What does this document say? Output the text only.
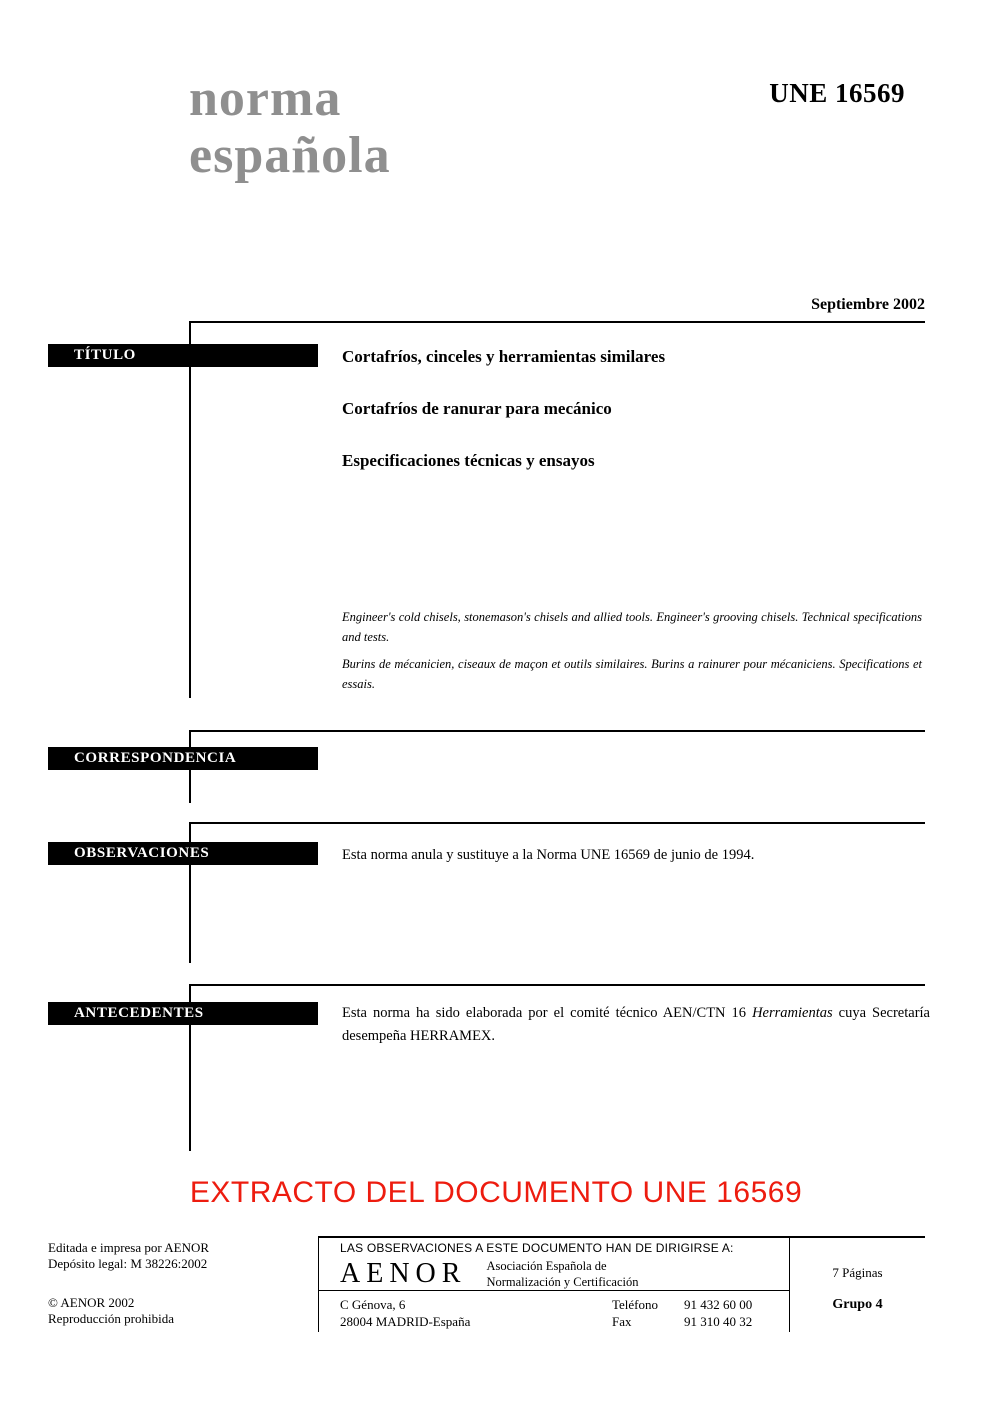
norma
española
UNE 16569
Septiembre 2002
TÍTULO	Cortafríos, cinceles y herramientas similares
Cortafríos de ranurar para mecánico
Especificaciones técnicas y ensayos
Engineer's cold chisels, stonemason's chisels and allied tools. Engineer's grooving chisels. Technical specifications and tests.
Burins de mécanicien, ciseaux de maçon et outils similaires. Burins a rainurer pour mécaniciens. Specifications et essais.
CORRESPONDENCIA
OBSERVACIONES	Esta norma anula y sustituye a la Norma UNE 16569 de junio de 1994.
ANTECEDENTES	Esta norma ha sido elaborada por el comité técnico AEN/CTN 16 Herramientas cuya Secretaría desempeña HERRAMEX.
EXTRACTO DEL DOCUMENTO UNE 16569
Editada e impresa por AENOR
Depósito legal: M 38226:2002
© AENOR 2002
Reproducción prohibida
LAS OBSERVACIONES A ESTE DOCUMENTO HAN DE DIRIGIRSE A:
AENOR Asociación Española de
Normalización y Certificación
C Génova, 6
28004 MADRID-España
Teléfono 91 432 60 00
Fax	91 310 40 32
7 Páginas
Grupo 4
